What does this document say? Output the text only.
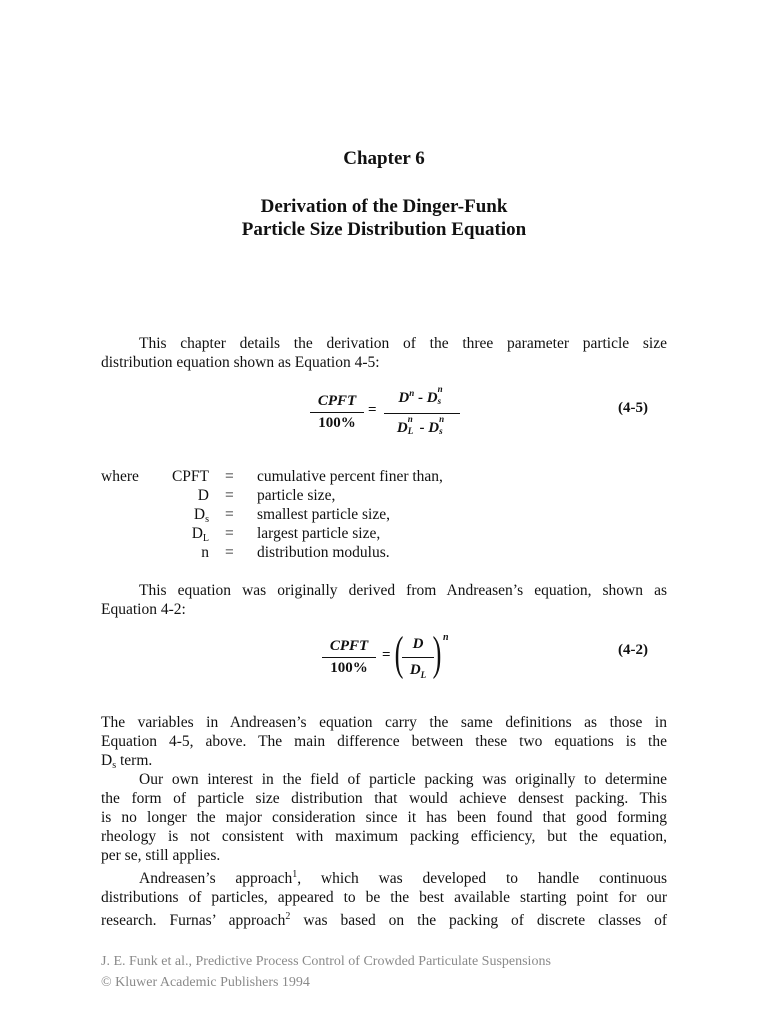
Chapter 6
Derivation of the Dinger-Funk
Particle Size Distribution Equation
This chapter details the derivation of the three parameter particle size
distribution equation shown as Equation 4-5:
CPFT
100%
=
$D^n$ - D
n
s
D
n
L - D
n
s
(4-5)
where	CPFT = cumulative percent finer than,
D = particle size,
Ds = smallest particle size,
DL = largest particle size,
n = distribution modulus.
This equation was originally derived from Andreasen’s equation, shown as
Equation 4-2:
CPFT
100%
= ( D
$D_L$ ) n
(4-2)
The variables in Andreasen’s equation carry the same definitions as those in
Equation 4-5, above. The main difference between these two equations is the
Ds term.
Our own interest in the field of particle packing was originally to determine
the form of particle size distribution that would achieve densest packing. This
is no longer the major consideration since it has been found that good forming
rheology is not consistent with maximum packing efficiency, but the equation,
per se, still applies.
Andreasen’s approach$^1$, which was developed to handle continuous
distributions of particles, appeared to be the best available starting point for our
research. Furnas’ approach$^2$ was based on the packing of discrete classes of
J. E. Funk et al., Predictive Process Control of Crowded Particulate Suspensions
© Kluwer Academic Publishers 1994
